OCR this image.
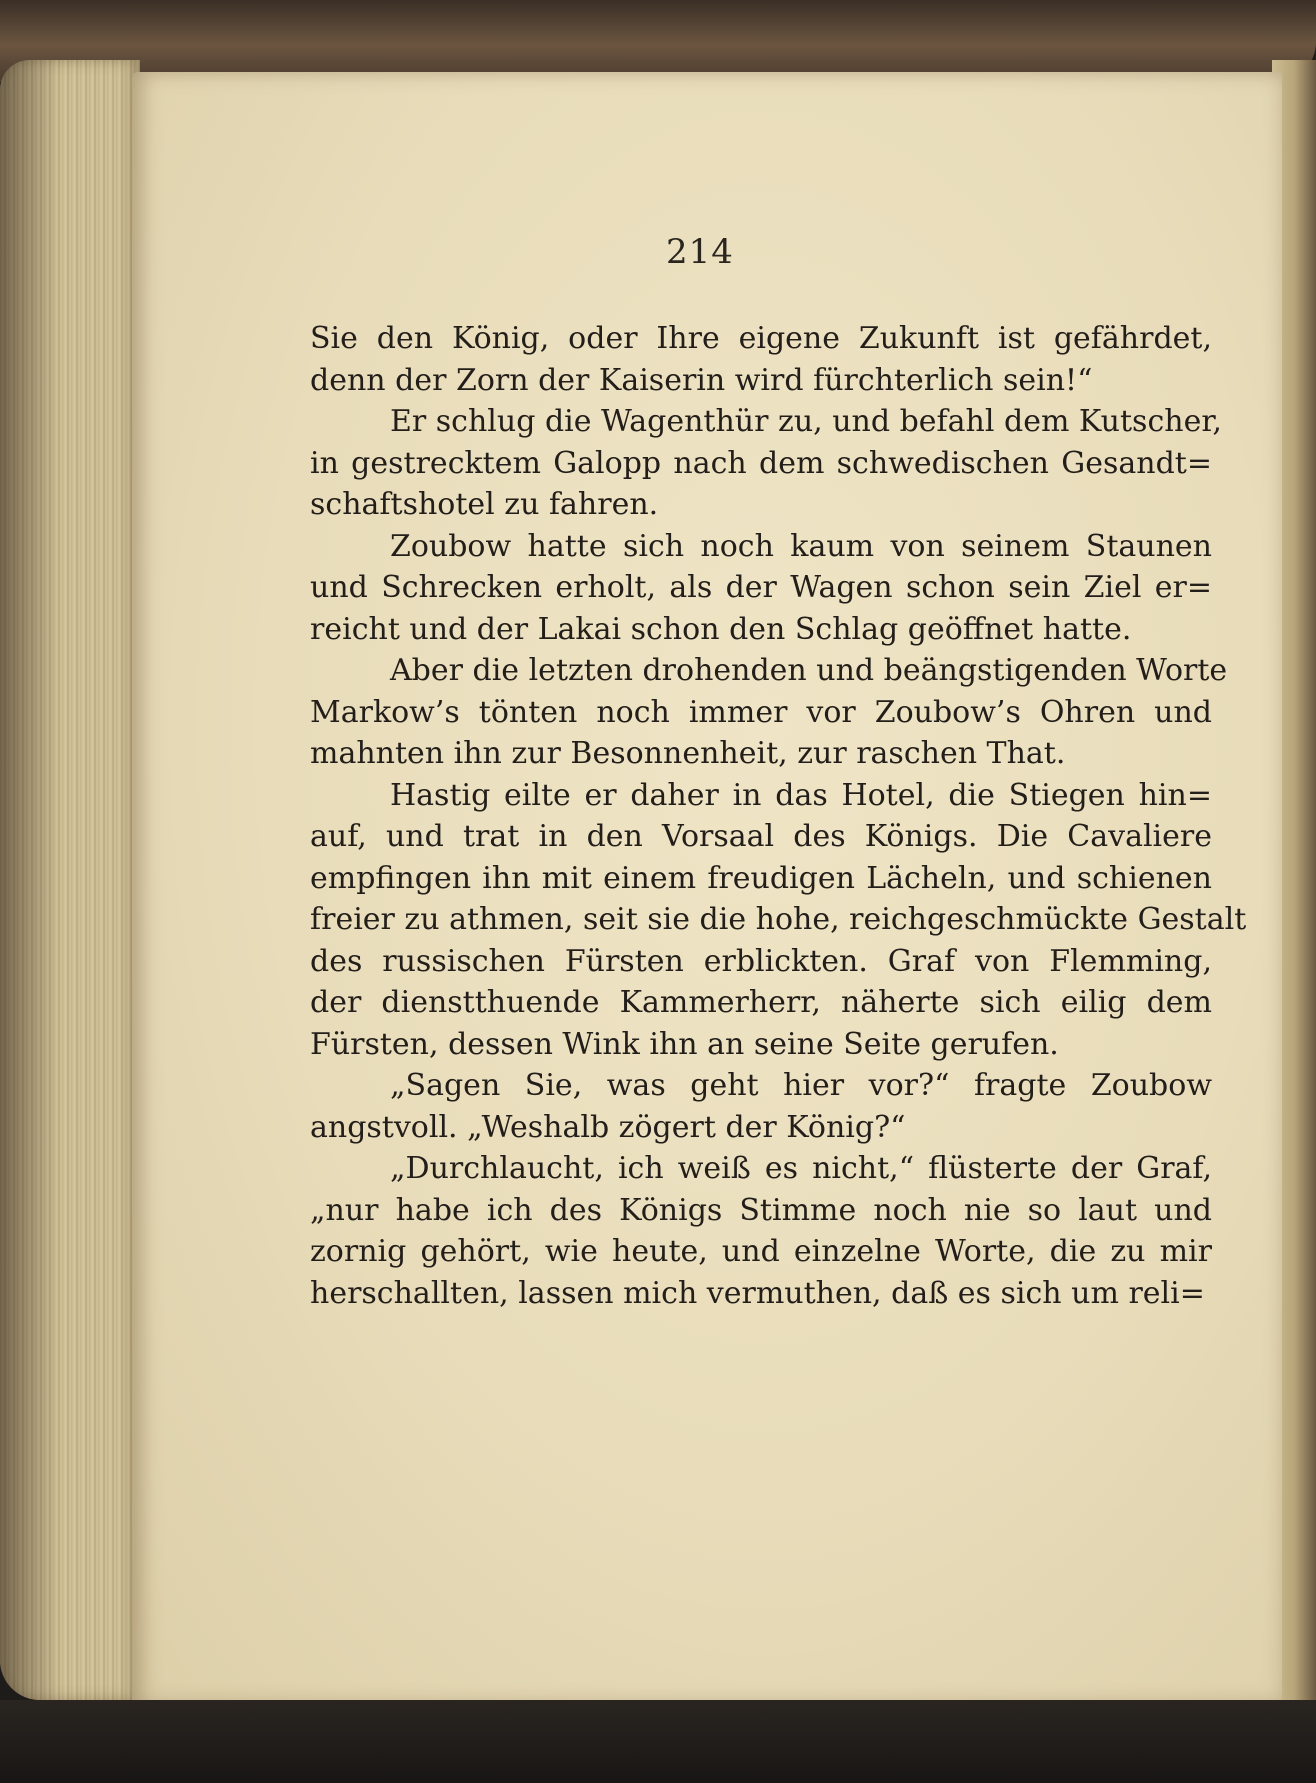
214
Sie den König, oder Ihre eigene Zukunft ist gefährdet,
denn der Zorn der Kaiserin wird fürchterlich sein!“
Er schlug die Wagenthür zu, und befahl dem Kutscher,
in gestrecktem Galopp nach dem schwedischen Gesandt=
schaftshotel zu fahren.
Zoubow hatte sich noch kaum von seinem Staunen
und Schrecken erholt, als der Wagen schon sein Ziel er=
reicht und der Lakai schon den Schlag geöffnet hatte.
Aber die letzten drohenden und beängstigenden Worte
Markow’s tönten noch immer vor Zoubow’s Ohren und
mahnten ihn zur Besonnenheit, zur raschen That.
Hastig eilte er daher in das Hotel, die Stiegen hin=
auf, und trat in den Vorsaal des Königs. Die Cavaliere
empfingen ihn mit einem freudigen Lächeln, und schienen
freier zu athmen, seit sie die hohe, reichgeschmückte Gestalt
des russischen Fürsten erblickten. Graf von Flemming,
der dienstthuende Kammerherr, näherte sich eilig dem
Fürsten, dessen Wink ihn an seine Seite gerufen.
„Sagen Sie, was geht hier vor?“ fragte Zoubow
angstvoll. „Weshalb zögert der König?“
„Durchlaucht, ich weiß es nicht,“ flüsterte der Graf,
„nur habe ich des Königs Stimme noch nie so laut und
zornig gehört, wie heute, und einzelne Worte, die zu mir
herschallten, lassen mich vermuthen, daß es sich um reli=
